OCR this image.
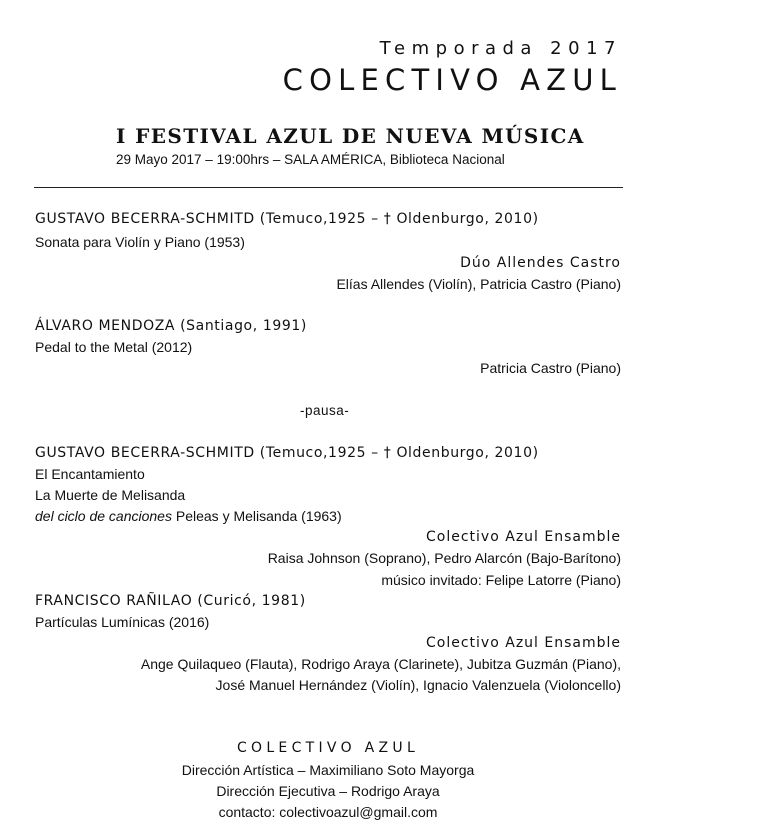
Temporada 2017
COLECTIVO AZUL
I FESTIVAL AZUL DE NUEVA MÚSICA
29 Mayo 2017 – 19:00hrs – SALA AMÉRICA, Biblioteca Nacional
GUSTAVO BECERRA-SCHMITD (Temuco,1925 – † Oldenburgo, 2010)
Sonata para Violín y Piano (1953)
Dúo Allendes Castro
Elías Allendes (Violín), Patricia Castro (Piano)
ÁLVARO MENDOZA (Santiago, 1991)
Pedal to the Metal (2012)
Patricia Castro (Piano)
-pausa-
GUSTAVO BECERRA-SCHMITD (Temuco,1925 – † Oldenburgo, 2010)
El Encantamiento
La Muerte de Melisanda
del ciclo de canciones Peleas y Melisanda (1963)
Colectivo Azul Ensamble
Raisa Johnson (Soprano), Pedro Alarcón (Bajo-Barítono)
músico invitado: Felipe Latorre (Piano)
FRANCISCO RAÑILAO (Curicó, 1981)
Partículas Lumínicas (2016)
Colectivo Azul Ensamble
Ange Quilaqueo (Flauta), Rodrigo Araya (Clarinete), Jubitza Guzmán (Piano),
José Manuel Hernández (Violín), Ignacio Valenzuela (Violoncello)
COLECTIVO AZUL
Dirección Artística – Maximiliano Soto Mayorga
Dirección Ejecutiva – Rodrigo Araya
contacto: colectivoazul@gmail.com
